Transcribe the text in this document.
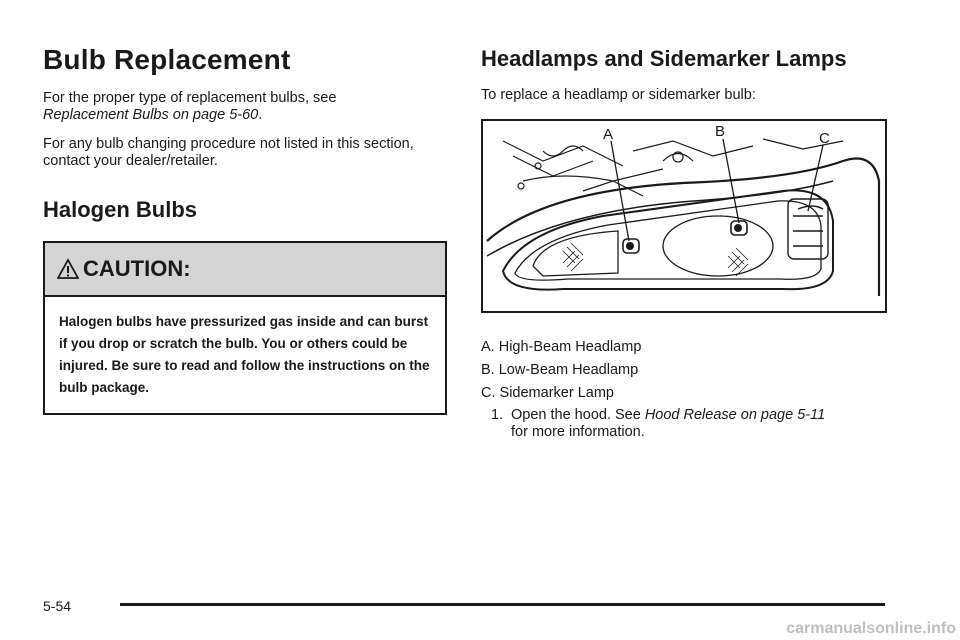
Bulb Replacement

For the proper type of replacement bulbs, see
Replacement Bulbs on page 5-60.

For any bulb changing procedure not listed in this section, contact your dealer/retailer.

Halogen Bulbs
CAUTION:
Halogen bulbs have pressurized gas inside and can burst if you drop or scratch the bulb. You or others could be injured. Be sure to read and follow the instructions on the bulb package.
Headlamps and Sidemarker Lamps

To replace a headlamp or sidemarker bulb:

A	B	C
A. High-Beam Headlamp
B. Low-Beam Headlamp
C. Sidemarker Lamp
1. Open the hood. See Hood Release on page 5-11
for more information.
5-54
carmanualsonline.info
